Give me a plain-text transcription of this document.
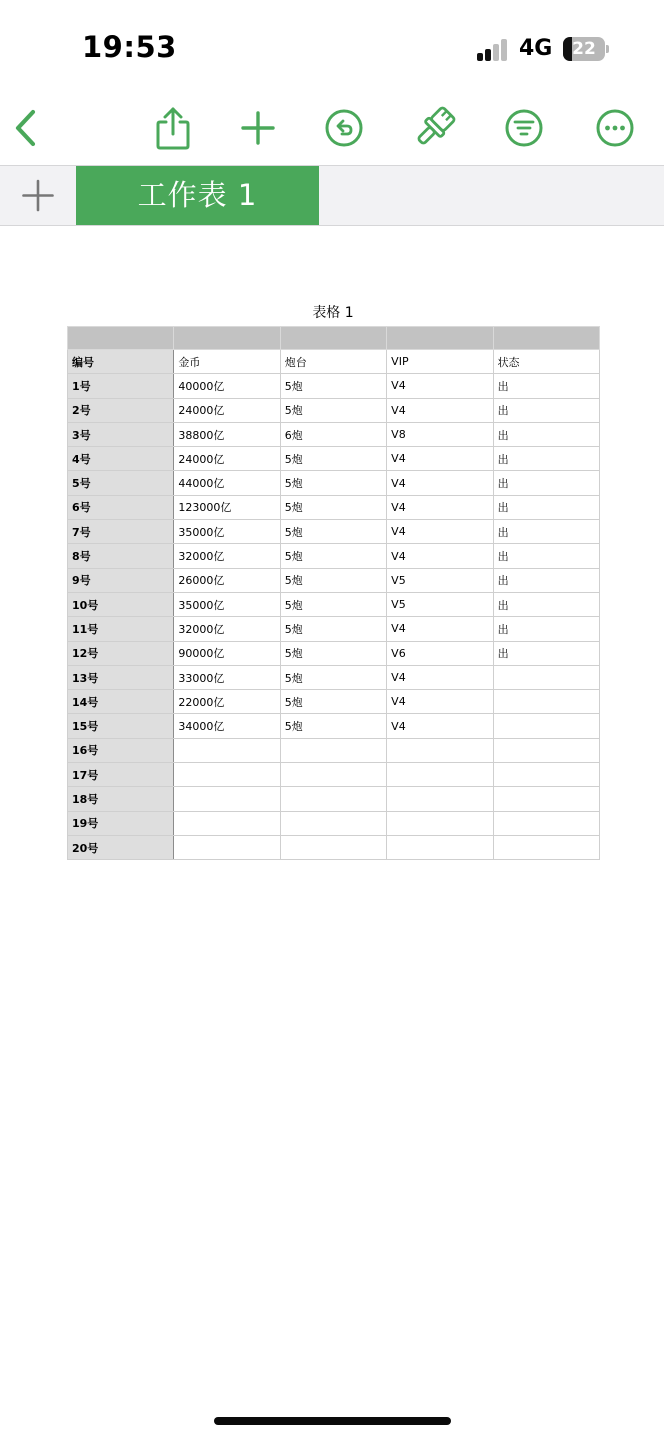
19:53	4G	22
工作表 1
表格 1

编号	金币	炮台	VIP	状态
1号	40000亿	5炮	V4	出
2号	24000亿	5炮	V4	出
3号	38800亿	6炮	V8	出
4号	24000亿	5炮	V4	出
5号	44000亿	5炮	V4	出
6号	123000亿	5炮	V4	出
7号	35000亿	5炮	V4	出
8号	32000亿	5炮	V4	出
9号	26000亿	5炮	V5	出
10号	35000亿	5炮	V5	出
11号	32000亿	5炮	V4	出
12号	90000亿	5炮	V6	出
13号	33000亿	5炮	V4	
14号	22000亿	5炮	V4	
15号	34000亿	5炮	V4	
16号				
17号				
18号				
19号				
20号				
